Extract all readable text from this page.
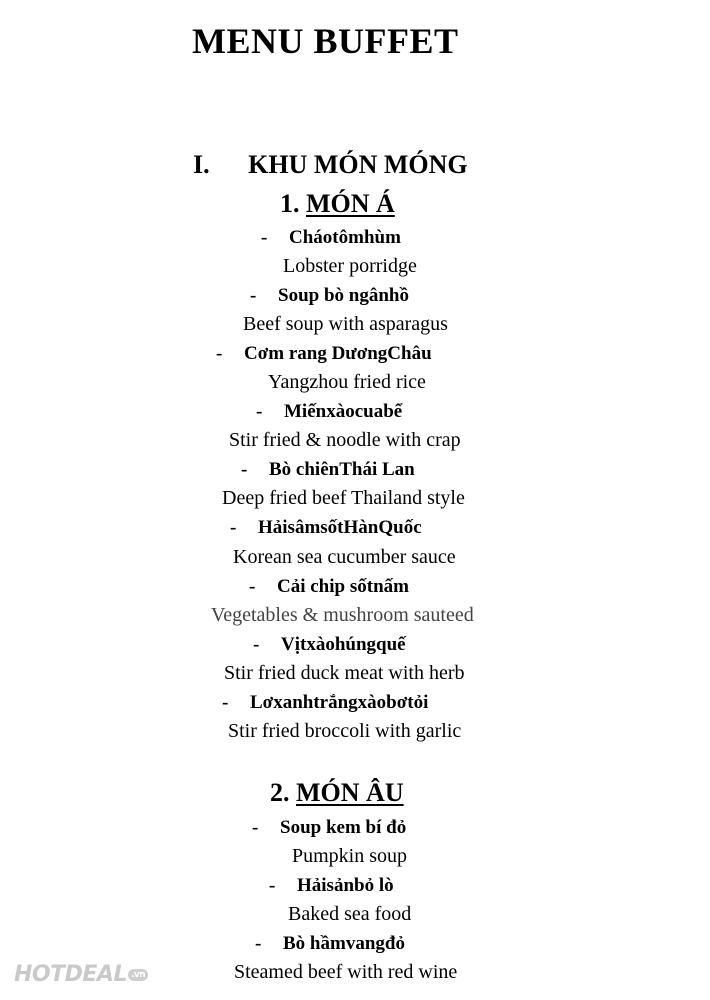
MENU BUFFET
I. KHU MÓN MÓNG
1. MÓN Á
- Cháotômhùm
Lobster porridge
- Soup bò ngânhồ
Beef soup with asparagus
- Cơm rang DươngChâu
Yangzhou fried rice
- Miếnxàocuabể
Stir fried & noodle with crap
- Bò chiênThái Lan
Deep fried beef Thailand style
- HảisâmsốtHànQuốc
Korean sea cucumber sauce
- Cải chip sốtnấm
Vegetables & mushroom sauteed
- Vịtxàohúngquế
Stir fried duck meat with herb
- Lơxanhtrắngxàobơtỏi
Stir fried broccoli with garlic
2. MÓN ÂU
- Soup kem bí đỏ
Pumpkin soup
- Hảisảnbỏ lò
Baked sea food
- Bò hầmvangđỏ
Steamed beef with red wine
HOTDEAL .vn
